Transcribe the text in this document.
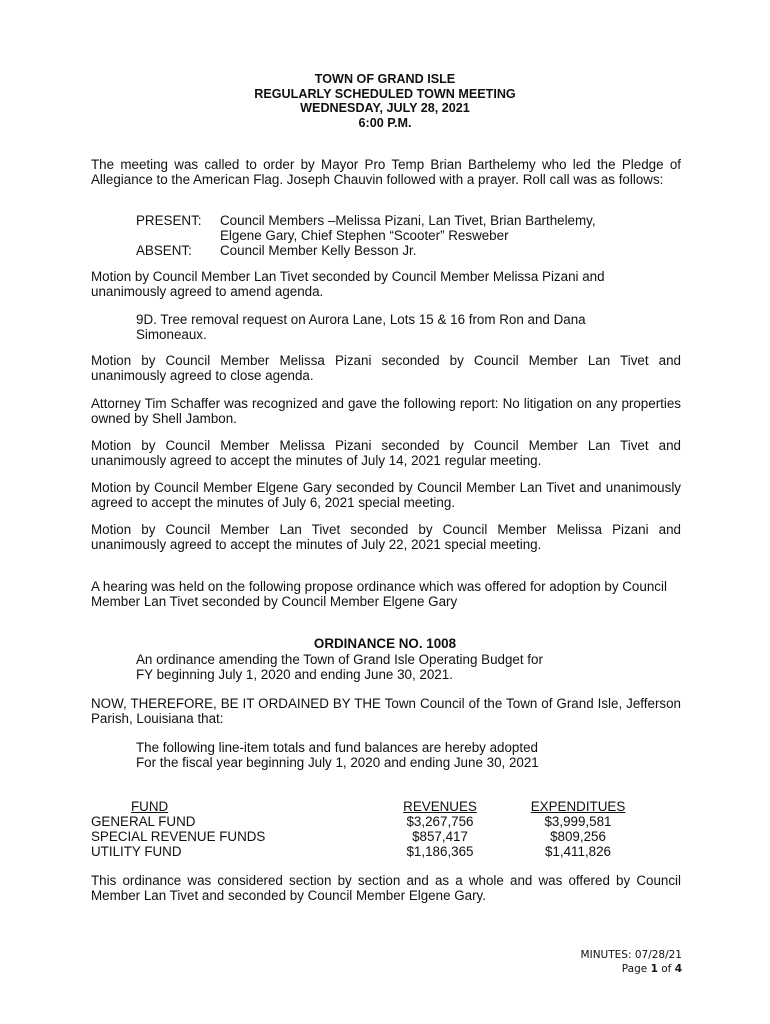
TOWN OF GRAND ISLE
REGULARLY SCHEDULED TOWN MEETING
WEDNESDAY, JULY 28, 2021
6:00 P.M.

The meeting was called to order by Mayor Pro Temp Brian Barthelemy who led the Pledge of Allegiance to the American Flag. Joseph Chauvin followed with a prayer. Roll call was as follows:

PRESENT: Council Members –Melissa Pizani, Lan Tivet, Brian Barthelemy,
Elgene Gary, Chief Stephen “Scooter” Resweber
ABSENT: Council Member Kelly Besson Jr.

Motion by Council Member Lan Tivet seconded by Council Member Melissa Pizani and unanimously agreed to amend agenda.

9D. Tree removal request on Aurora Lane, Lots 15 & 16 from Ron and Dana Simoneaux.

Motion by Council Member Melissa Pizani seconded by Council Member Lan Tivet and unanimously agreed to close agenda.

Attorney Tim Schaffer was recognized and gave the following report: No litigation on any properties owned by Shell Jambon.

Motion by Council Member Melissa Pizani seconded by Council Member Lan Tivet and unanimously agreed to accept the minutes of July 14, 2021 regular meeting.

Motion by Council Member Elgene Gary seconded by Council Member Lan Tivet and unanimously agreed to accept the minutes of July 6, 2021 special meeting.

Motion by Council Member Lan Tivet seconded by Council Member Melissa Pizani and unanimously agreed to accept the minutes of July 22, 2021 special meeting.

A hearing was held on the following propose ordinance which was offered for adoption by Council Member Lan Tivet seconded by Council Member Elgene Gary

ORDINANCE NO. 1008
An ordinance amending the Town of Grand Isle Operating Budget for
FY beginning July 1, 2020 and ending June 30, 2021.

NOW, THEREFORE, BE IT ORDAINED BY THE Town Council of the Town of Grand Isle, Jefferson Parish, Louisiana that:

The following line-item totals and fund balances are hereby adopted
For the fiscal year beginning July 1, 2020 and ending June 30, 2021
FUND	REVENUES	EXPENDITUES
GENERAL FUND	$3,267,756	$3,999,581
SPECIAL REVENUE FUNDS	$857,417	$809,256
UTILITY FUND	$1,186,365	$1,411,826

This ordinance was considered section by section and as a whole and was offered by Council Member Lan Tivet and seconded by Council Member Elgene Gary.

MINUTES: 07/28/21
Page 1 of 4
